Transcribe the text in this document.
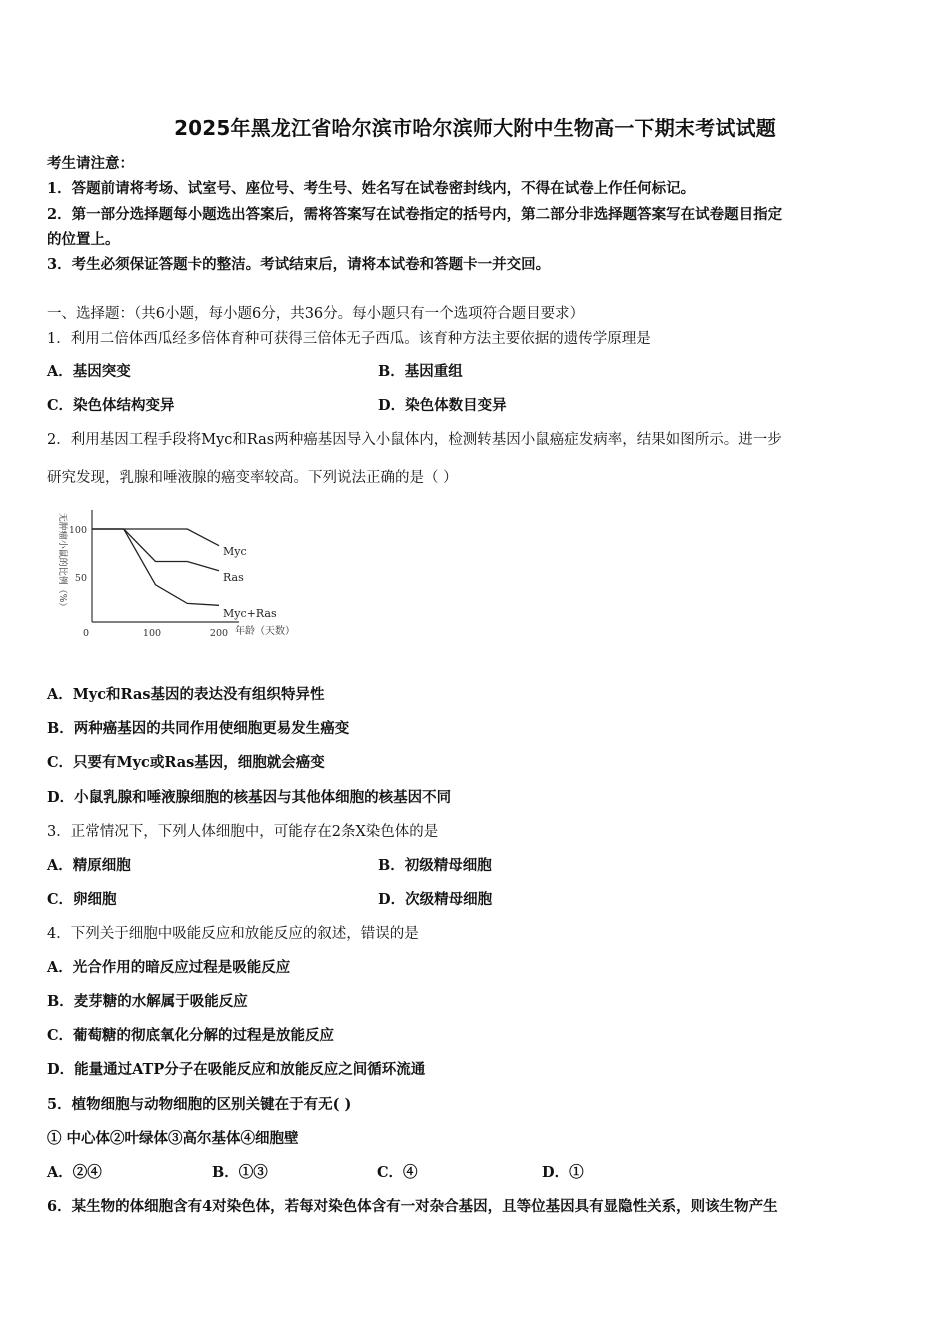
2025年黑龙江省哈尔滨市哈尔滨师大附中生物高一下期末考试试题
考生请注意：
1．答题前请将考场、试室号、座位号、考生号、姓名写在试卷密封线内，不得在试卷上作任何标记。
2．第一部分选择题每小题选出答案后，需将答案写在试卷指定的括号内，第二部分非选择题答案写在试卷题目指定
的位置上。
3．考生必须保证答题卡的整洁。考试结束后，请将本试卷和答题卡一并交回。
一、选择题：（共6小题，每小题6分，共36分。每小题只有一个选项符合题目要求）
1．利用二倍体西瓜经多倍体育种可获得三倍体无子西瓜。该育种方法主要依据的遗传学原理是
A．基因突变	B．基因重组
C．染色体结构变异	D．染色体数目变异
2．利用基因工程手段将Myc和Ras两种癌基因导入小鼠体内，检测转基因小鼠癌症发病率，结果如图所示。进一步
研究发现，乳腺和唾液腺的癌变率较高。下列说法正确的是（ ）
无肿瘤小鼠的比例（%）
0	100	200
50
100
年龄（天数）
Myc
Ras
Myc+Ras
A．Myc和Ras基因的表达没有组织特异性
B．两种癌基因的共同作用使细胞更易发生癌变
C．只要有Myc或Ras基因，细胞就会癌变
D．小鼠乳腺和唾液腺细胞的核基因与其他体细胞的核基因不同
3．正常情况下，下列人体细胞中，可能存在2条X染色体的是
A．精原细胞	B．初级精母细胞
C．卵细胞	D．次级精母细胞
4．下列关于细胞中吸能反应和放能反应的叙述，错误的是
A．光合作用的暗反应过程是吸能反应
B．麦芽糖的水解属于吸能反应
C．葡萄糖的彻底氧化分解的过程是放能反应
D．能量通过ATP分子在吸能反应和放能反应之间循环流通
5．植物细胞与动物细胞的区别关键在于有无( )
① 中心体②叶绿体③高尔基体④细胞壁
A．②④	B．①③	C．④	D．①
6．某生物的体细胞含有4对染色体，若每对染色体含有一对杂合基因，且等位基因具有显隐性关系，则该生物产生
